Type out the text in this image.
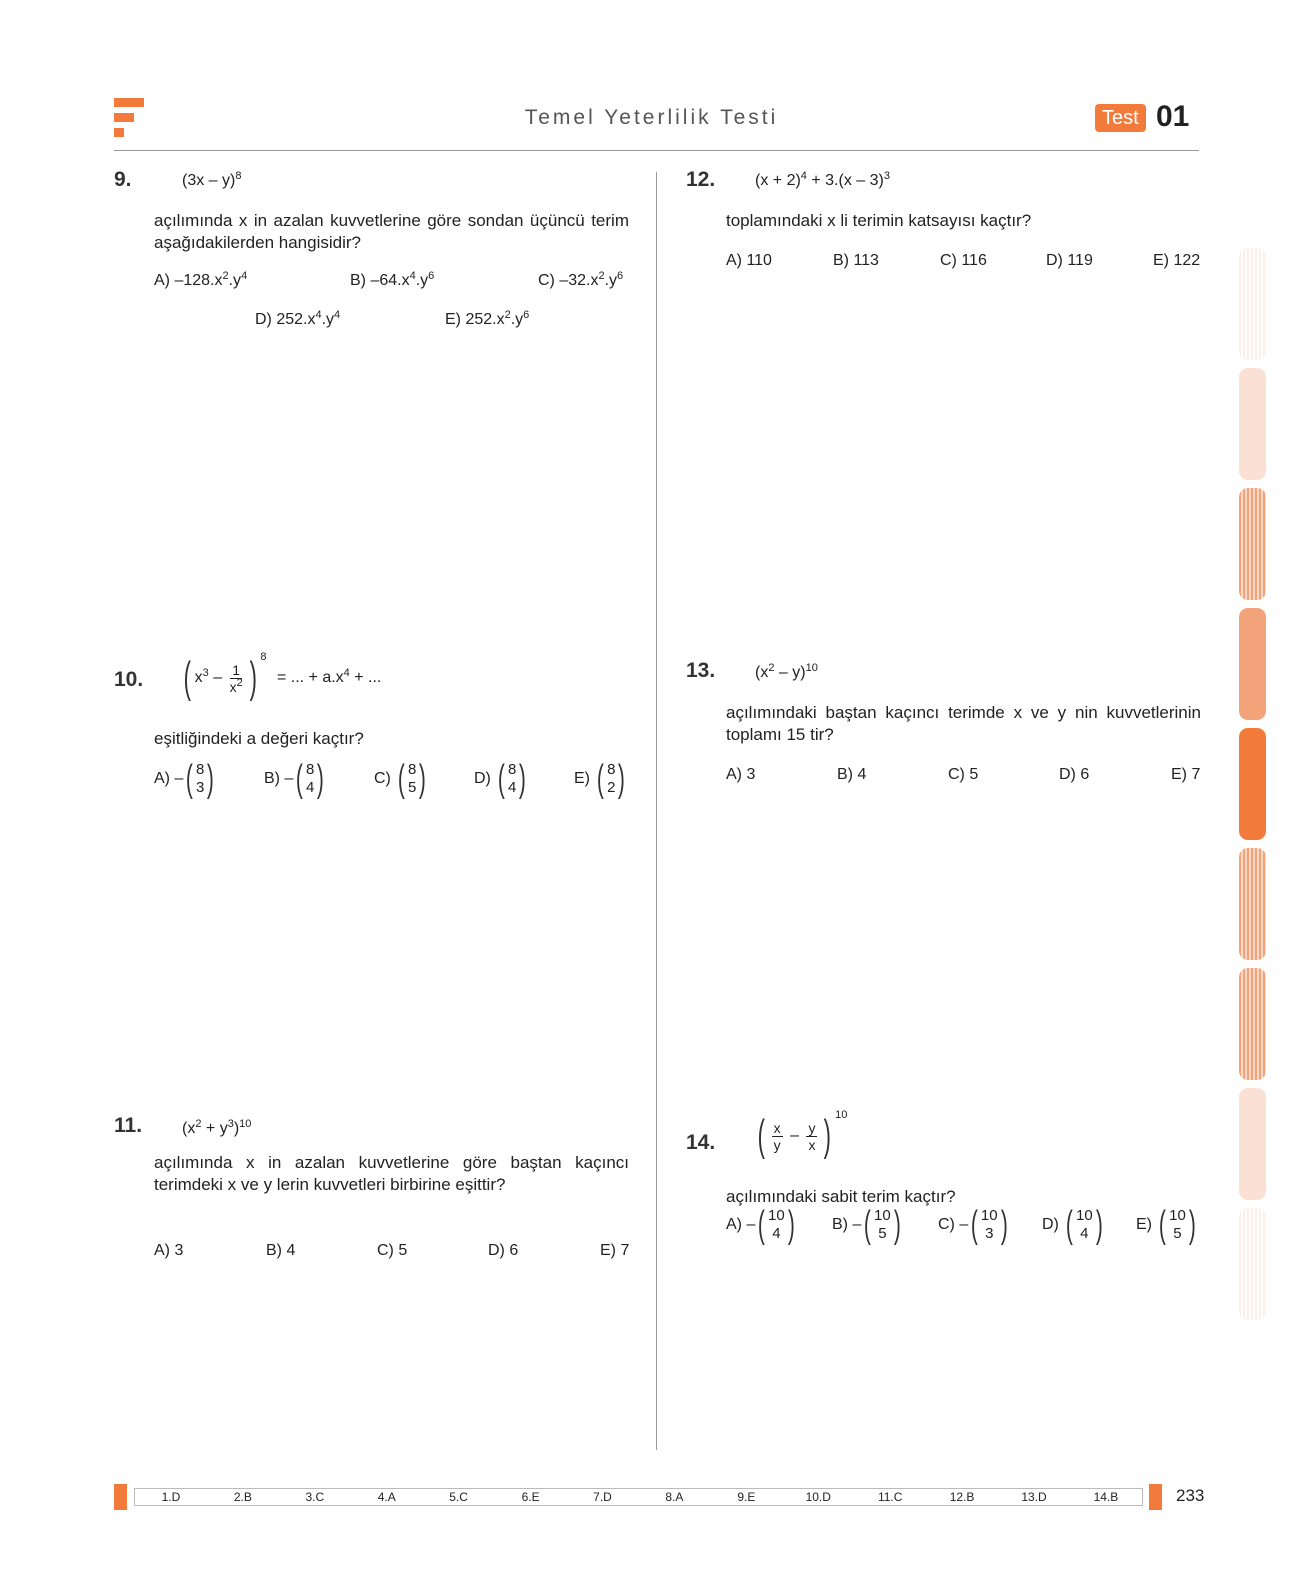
Temel Yeterlilik Testi	Test 01
9.	(3x – y)$^8$
açılımında x in azalan kuvvetlerine göre sondan üçüncü terim aşağıdakilerden hangisidir?
A) $-128.x^2.y^4$	B) $-64.x^4.y^6$	C) $-32.x^2.y^6$
D) $252.x^4.y^4$	E) $252.x^2.y^6$
10. ( $x^3 - \frac{1}{x^2}$ ) $^8$ = ... + $a.x^4$ + ...
eşitliğindeki a değeri kaçtır?
A) – ( 8
3 )	B) – ( 8
4 )	C) ( 8
5 )	D) ( 8
4 )	E) ( 8
2 )
11. $(x^2 + y^3)^{10}$
açılımında x in azalan kuvvetlerine göre baştan kaçıncı terimdeki x ve y lerin kuvvetleri birbirine eşittir?
A) 3	B) 4	C) 5	D) 6	E) 7
12. $(x + 2)^4 + 3.(x - 3)^3$
toplamındaki x li terimin katsayısı kaçtır?
A) 110	B) 113	C) 116	D) 119	E) 122
13. $(x^2 - y)^{10}$
açılımındaki baştan kaçıncı terimde x ve y nin kuvvetlerinin toplamı 15 tir?
A) 3	B) 4	C) 5	D) 6	E) 7
14. ( $\frac{x}{y} - \frac{y}{x}$ ) $^{10}$
açılımındaki sabit terim kaçtır?
A) – ( 10
4 ) B) – ( 10
5 ) C) – ( 10
3 ) D) ( 10
4 ) E) ( 10
5 )
1.D	2.B	3.C	4.A	5.C	6.E	7.D	8.A	9.E	10.D	11.C	12.B	13.D	14.B	233
